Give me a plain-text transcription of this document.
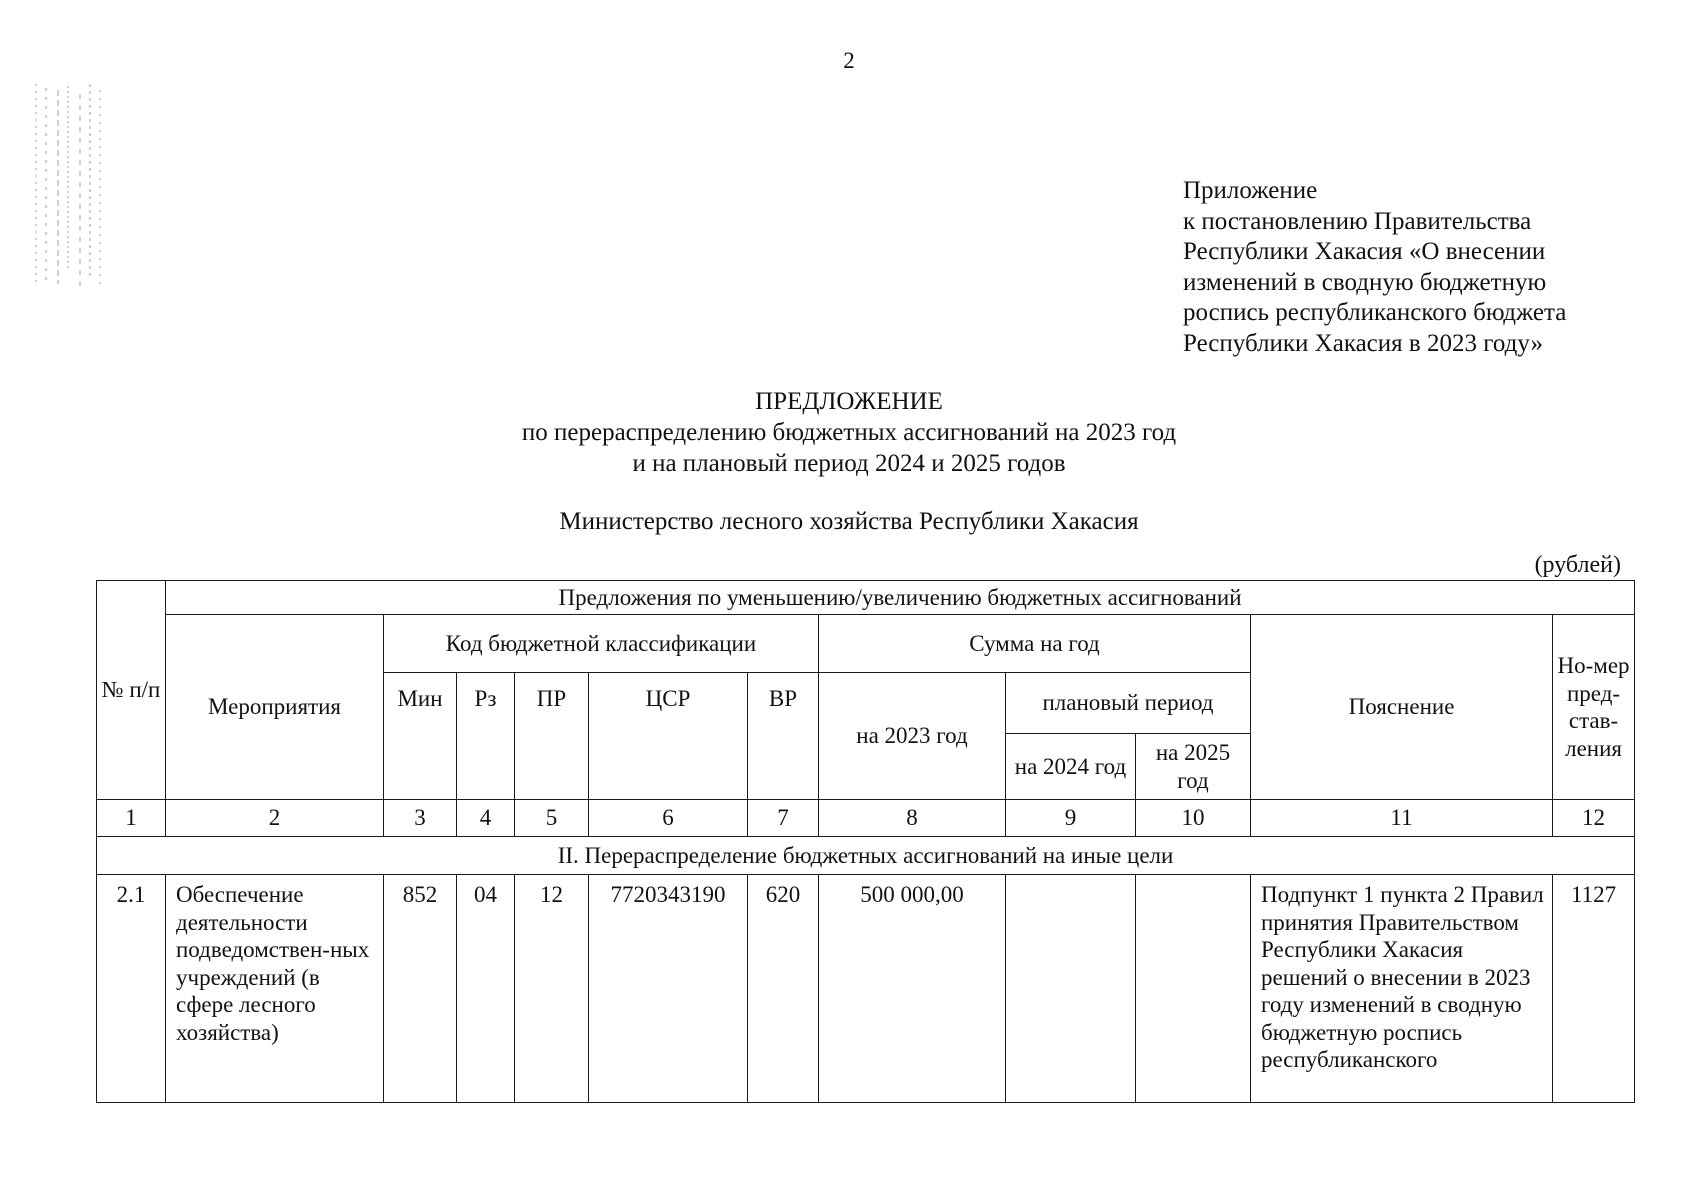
2
Приложение
к постановлению Правительства
Республики Хакасия «О внесении
изменений в сводную бюджетную
роспись республиканского бюджета
Республики Хакасия в 2023 году»
ПРЕДЛОЖЕНИЕ
по перераспределению бюджетных ассигнований на 2023 год
и на плановый период 2024 и 2025 годов
Министерство лесного хозяйства Республики Хакасия
(рублей)
№ п/п	Предложения по уменьшению/увеличению бюджетных ассигнований										
	Мероприятия	Код бюджетной классификации					Сумма на год			Пояснение	Но-мер пред-став-ления
		Мин	Рз	ПР	ЦСР	ВР	на 2023 год	плановый период			
								на 2024 год	на 2025 год		
1	2	3	4	5	6	7	8	9	10	11	12
II. Перераспределение бюджетных ассигнований на иные цели											
2.1	Обеспечение деятельности подведомствен-ных учреждений (в сфере лесного хозяйства)	852	04	12	7720343190	620	500 000,00			Подпункт 1 пункта 2 Правил принятия Правительством Республики Хакасия решений о внесении в 2023 году изменений в сводную бюджетную роспись республиканского	1127
